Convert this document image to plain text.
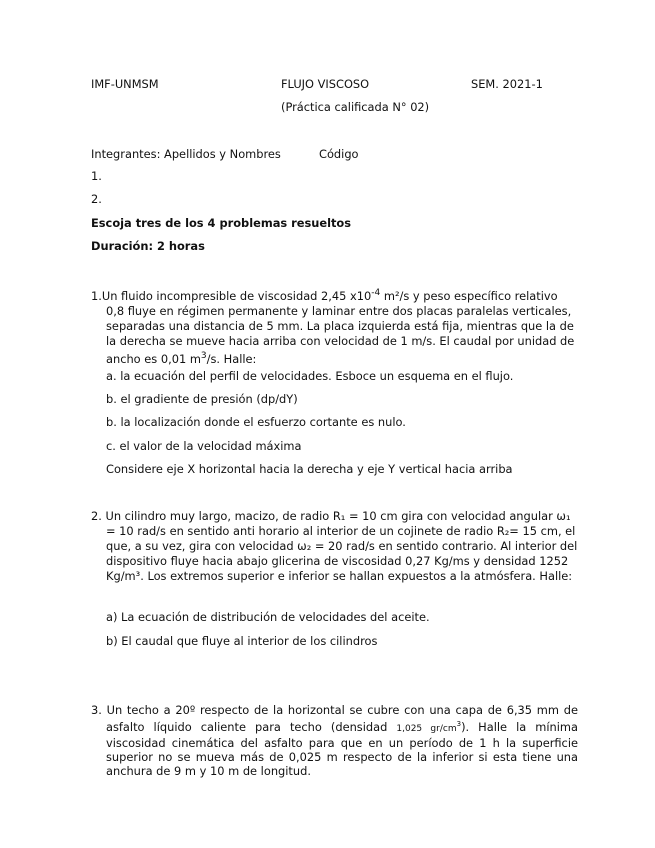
IMF-UNMSM	FLUJO VISCOSO	SEM. 2021-1
(Práctica calificada N° 02)
Integrantes: Apellidos y Nombres	Código
1.
2.
Escoja tres de los 4 problemas resueltos
Duración: 2 horas
1.Un fluido incompresible de viscosidad 2,45 $x10^{-4}$ m²/s y peso específico relativo 0,8 fluye en régimen permanente y laminar entre dos placas paralelas verticales, separadas una distancia de 5 mm. La placa izquierda está fija, mientras que la de la derecha se mueve hacia arriba con velocidad de 1 m/s. El caudal por unidad de ancho es 0,01 $m^3/s$. Halle:
a. la ecuación del perfil de velocidades. Esboce un esquema en el flujo.
b. el gradiente de presión (dp/dY)
b. la localización donde el esfuerzo cortante es nulo.
c. el valor de la velocidad máxima
Considere eje X horizontal hacia la derecha y eje Y vertical hacia arriba
2. Un cilindro muy largo, macizo, de radio R₁ = 10 cm gira con velocidad angular ω₁ = 10 rad/s en sentido anti horario al interior de un cojinete de radio R₂= 15 cm, el que, a su vez, gira con velocidad ω₂ = 20 rad/s en sentido contrario. Al interior del dispositivo fluye hacia abajo glicerina de viscosidad 0,27 Kg/ms y densidad 1252 Kg/m³. Los extremos superior e inferior se hallan expuestos a la atmósfera. Halle:
a) La ecuación de distribución de velocidades del aceite.
b) El caudal que fluye al interior de los cilindros
3. Un techo a 20º respecto de la horizontal se cubre con una capa de 6,35 mm de asfalto líquido caliente para techo (densidad 1,025 $gr/cm^3$). Halle la mínima viscosidad cinemática del asfalto para que en un período de 1 h la superficie superior no se mueva más de 0,025 m respecto de la inferior si esta tiene una anchura de 9 m y 10 m de longitud.
